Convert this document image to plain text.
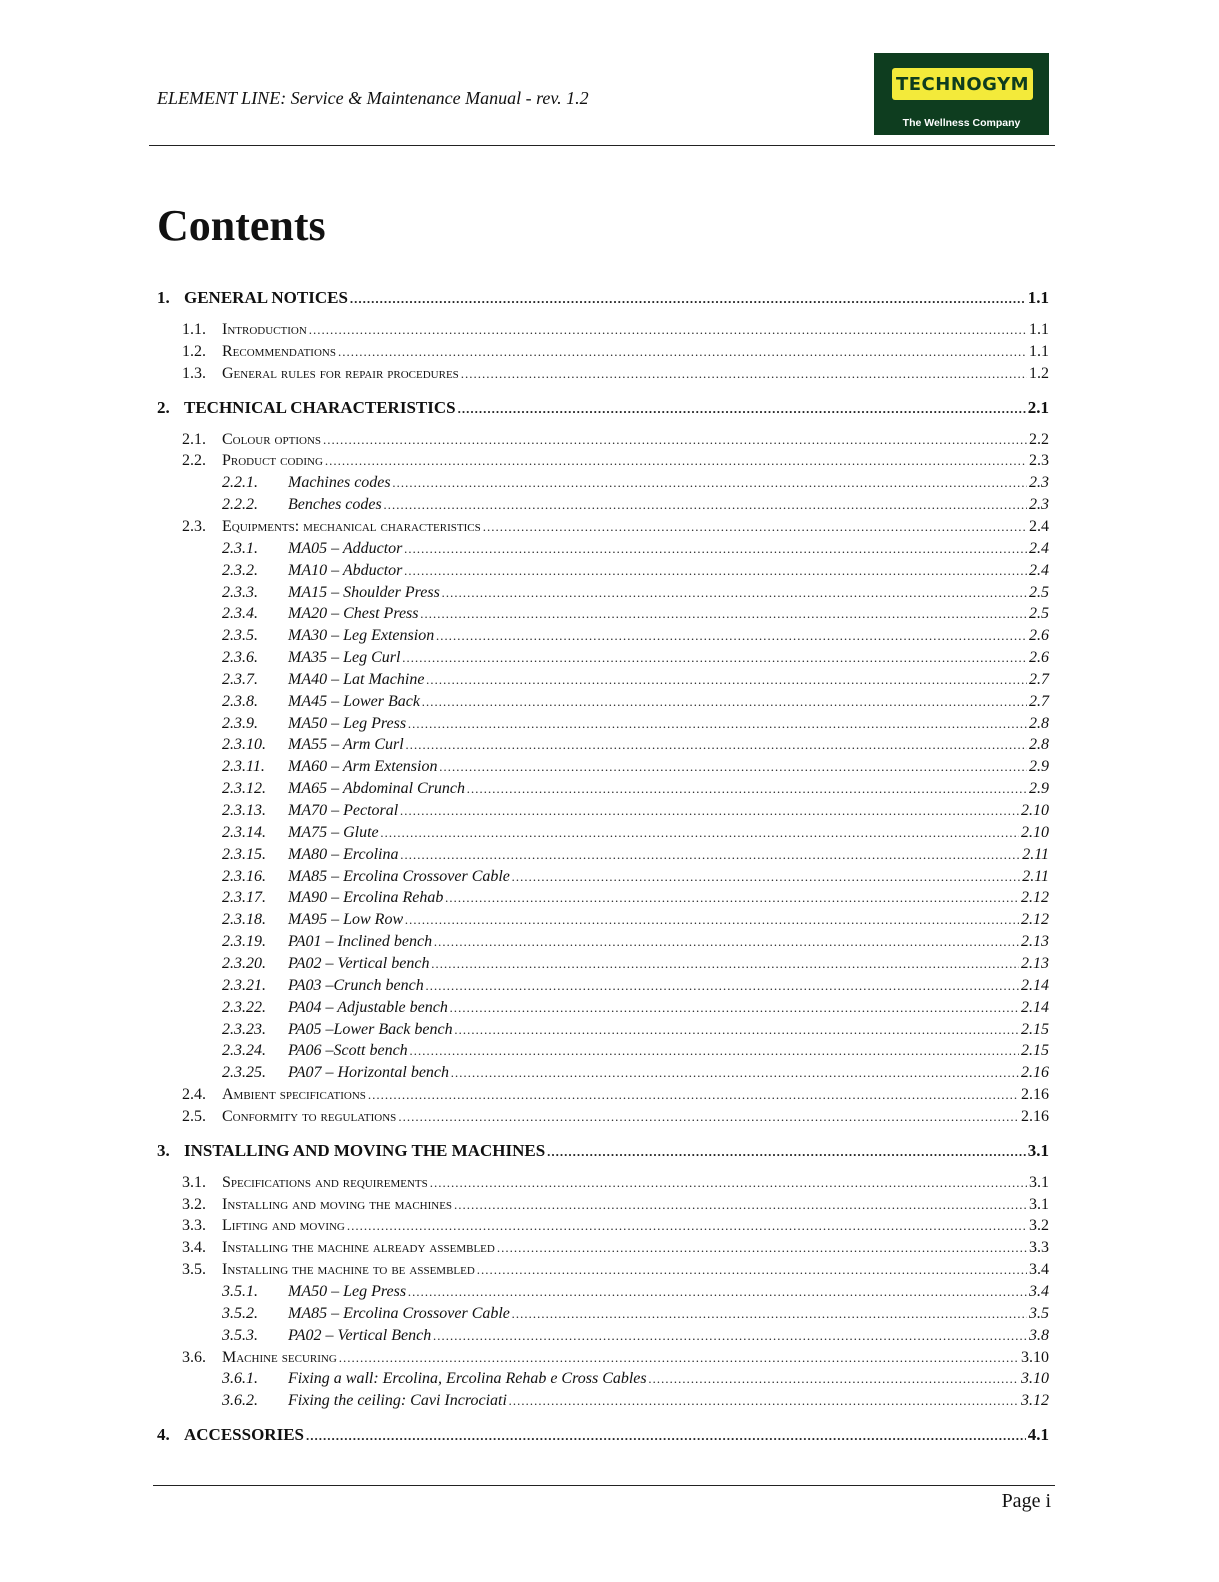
ELEMENT LINE: Service & Maintenance Manual - rev. 1.2
TECHNOGYM
The Wellness Company
Contents
1. GENERAL NOTICES .....	1.1
1.1.	Introduction .....	1.1
1.2.	Recommendations .....	1.1
1.3.	General rules for repair procedures .....	1.2
2. TECHNICAL CHARACTERISTICS .....	2.1
2.1.	Colour options .....	2.2
2.2.	Product coding .....	2.3
2.2.1.	Machines codes .....	2.3
2.2.2.	Benches codes .....	2.3
2.3.	Equipments: mechanical characteristics .....	2.4
2.3.1.	MA05 – Adductor .....	2.4
2.3.2.	MA10 – Abductor .....	2.4
2.3.3.	MA15 – Shoulder Press .....	2.5
2.3.4.	MA20 – Chest Press .....	2.5
2.3.5.	MA30 – Leg Extension .....	2.6
2.3.6.	MA35 – Leg Curl .....	2.6
2.3.7.	MA40 – Lat Machine .....	2.7
2.3.8.	MA45 – Lower Back .....	2.7
2.3.9.	MA50 – Leg Press .....	2.8
2.3.10.	MA55 – Arm Curl .....	2.8
2.3.11.	MA60 – Arm Extension .....	2.9
2.3.12.	MA65 – Abdominal Crunch .....	2.9
2.3.13.	MA70 – Pectoral .....	2.10
2.3.14.	MA75 – Glute .....	2.10
2.3.15.	MA80 – Ercolina .....	2.11
2.3.16.	MA85 – Ercolina Crossover Cable .....	2.11
2.3.17.	MA90 – Ercolina Rehab .....	2.12
2.3.18.	MA95 – Low Row .....	2.12
2.3.19.	PA01 – Inclined bench .....	2.13
2.3.20.	PA02 – Vertical bench .....	2.13
2.3.21.	PA03 –Crunch bench .....	2.14
2.3.22.	PA04 – Adjustable bench .....	2.14
2.3.23.	PA05 –Lower Back bench .....	2.15
2.3.24.	PA06 –Scott bench .....	2.15
2.3.25.	PA07 – Horizontal bench .....	2.16
2.4.	Ambient specifications .....	2.16
2.5.	Conformity to regulations .....	2.16
3. INSTALLING AND MOVING THE MACHINES .....	3.1
3.1.	Specifications and requirements .....	3.1
3.2.	Installing and moving the machines .....	3.1
3.3.	Lifting and moving .....	3.2
3.4.	Installing the machine already assembled .....	3.3
3.5.	Installing the machine to be assembled .....	3.4
3.5.1.	MA50 – Leg Press .....	3.4
3.5.2.	MA85 – Ercolina Crossover Cable .....	3.5
3.5.3.	PA02 – Vertical Bench .....	3.8
3.6.	Machine securing .....	3.10
3.6.1.	Fixing a wall: Ercolina, Ercolina Rehab e Cross Cables .....	3.10
3.6.2.	Fixing the ceiling: Cavi Incrociati .....	3.12
4. ACCESSORIES .....	4.1
Page i
